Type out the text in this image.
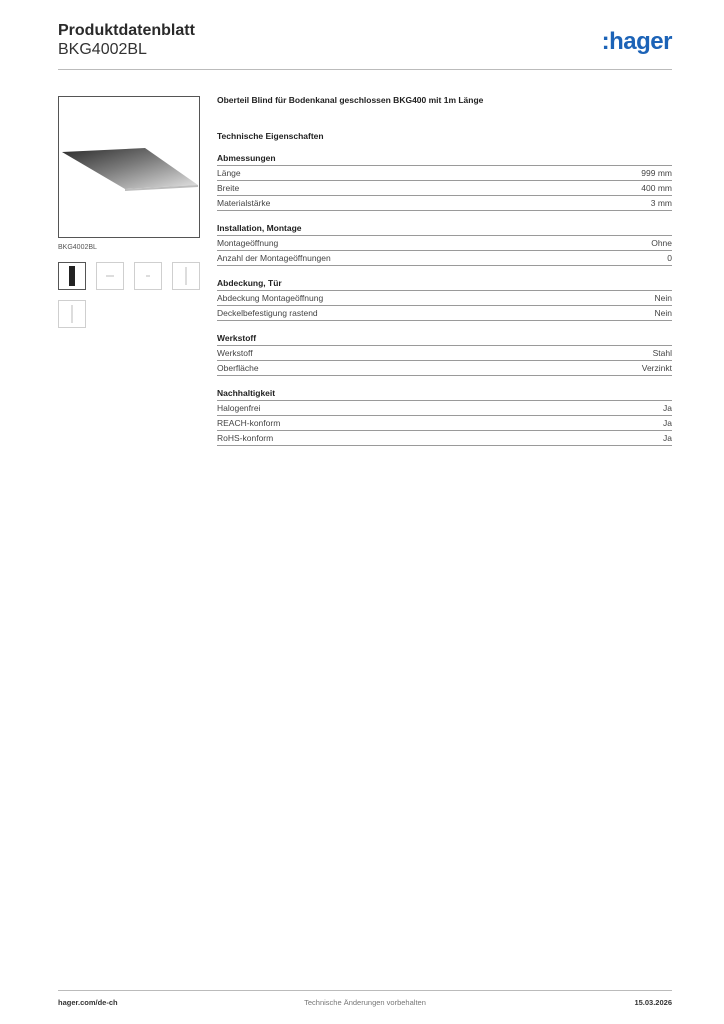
Produktdatenblatt
BKG4002BL	:hager
BKG4002BL
Oberteil Blind für Bodenkanal geschlossen BKG400 mit 1m Länge
Technische Eigenschaften
Abmessungen
Länge	999 mm
Breite	400 mm
Materialstärke	3 mm
Installation, Montage
Montageöffnung	Ohne
Anzahl der Montageöffnungen	0
Abdeckung, Tür
Abdeckung Montageöffnung	Nein
Deckelbefestigung rastend	Nein
Werkstoff
Werkstoff	Stahl
Oberfläche	Verzinkt
Nachhaltigkeit
Halogenfrei	Ja
REACH-konform	Ja
RoHS-konform	Ja
hager.com/de-ch	Technische Änderungen vorbehalten	15.03.2026
